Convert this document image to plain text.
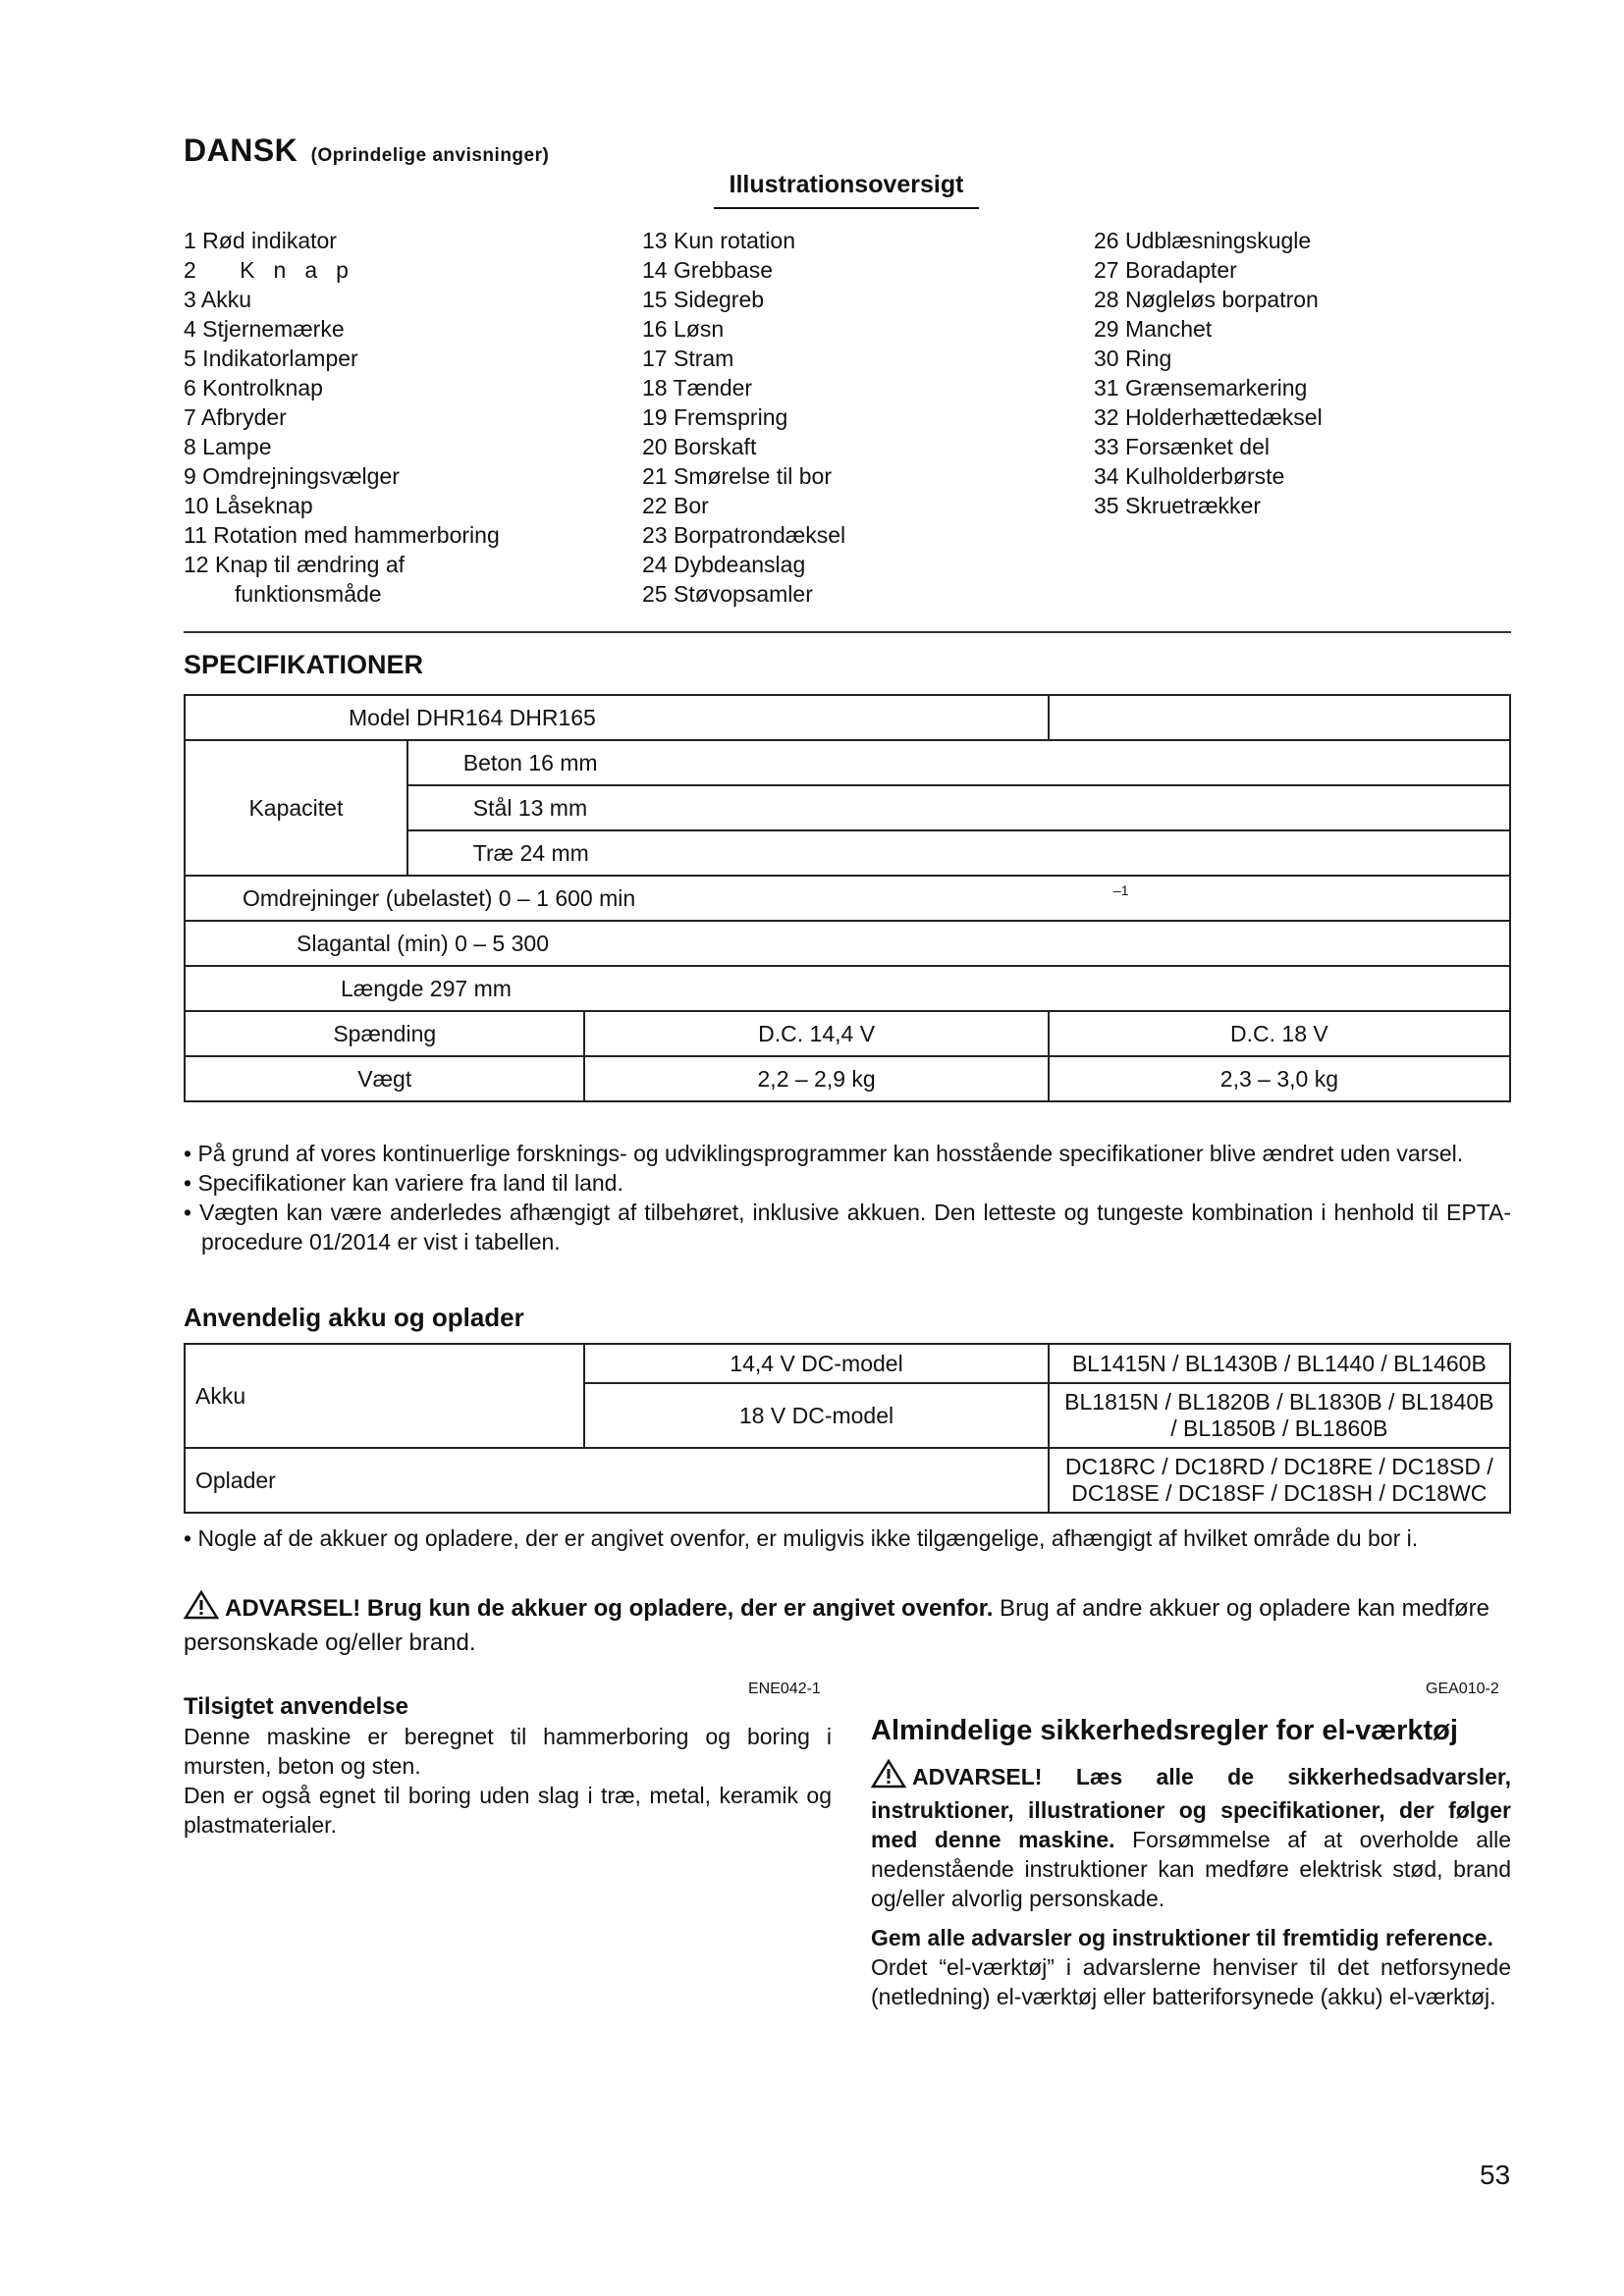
DANSK (Oprindelige anvisninger)
Illustrationsoversigt
1 Rød indikator
2 Knap
3 Akku
4 Stjernemærke
5 Indikatorlamper
6 Kontrolknap
7 Afbryder
8 Lampe
9 Omdrejningsvælger
10 Låseknap
11 Rotation med hammerboring
12 Knap til ændring af
funktionsmåde
13 Kun rotation
14 Grebbase
15 Sidegreb
16 Løsn
17 Stram
18 Tænder
19 Fremspring
20 Borskaft
21 Smørelse til bor
22 Bor
23 Borpatrondæksel
24 Dybdeanslag
25 Støvopsamler
26 Udblæsningskugle
27 Boradapter
28 Nøgleløs borpatron
29 Manchet
30 Ring
31 Grænsemarkering
32 Holderhættedæksel
33 Forsænket del
34 Kulholderbørste
35 Skruetrækker
SPECIFIKATIONER
Model DHR164 DHR165			
Kapacitet	Beton 16 mm		
	Stål 13 mm		
	Træ 24 mm		
Omdrejninger (ubelastet) 0 – 1 600 min –1			

Slagantal (min) 0 – 5 300			
Længde 297 mm			
Spænding		D.C. 14,4 V	D.C. 18 V
Vægt		2,2 – 2,9 kg	2,3 – 3,0 kg
• På grund af vores kontinuerlige forsknings- og udviklingsprogrammer kan hosstående specifikationer blive ændret uden varsel.
• Specifikationer kan variere fra land til land.
• Vægten kan være anderledes afhængigt af tilbehøret, inklusive akkuen. Den letteste og tungeste kombination i henhold til EPTA-procedure 01/2014 er vist i tabellen.
Anvendelig akku og oplader
Akku	14,4 V DC-model	BL1415N / BL1430B / BL1440 / BL1460B
	18 V DC-model	BL1815N / BL1820B / BL1830B / BL1840B / BL1850B / BL1860B
Oplader		DC18RC / DC18RD / DC18RE / DC18SD / DC18SE / DC18SF / DC18SH / DC18WC
• Nogle af de akkuer og opladere, der er angivet ovenfor, er muligvis ikke tilgængelige, afhængigt af hvilket område du bor i.
ADVARSEL! Brug kun de akkuer og opladere, der er angivet ovenfor. Brug af andre akkuer og opladere kan medføre personskade og/eller brand.
ENE042-1	GEA010-2
Tilsigtet anvendelse
Denne maskine er beregnet til hammerboring og boring i mursten, beton og sten.
Den er også egnet til boring uden slag i træ, metal, keramik og plastmaterialer.
Almindelige sikkerhedsregler for el-værktøj

ADVARSEL! Læs alle de sikkerhedsadvarsler, instruktioner, illustrationer og specifikationer, der følger med denne maskine. Forsømmelse af at overholde alle nedenstående instruktioner kan medføre elektrisk stød, brand og/eller alvorlig personskade.

Gem alle advarsler og instruktioner til fremtidig reference.
Ordet “el-værktøj” i advarslerne henviser til det netforsynede (netledning) el-værktøj eller batteriforsynede (akku) el-værktøj.

53
